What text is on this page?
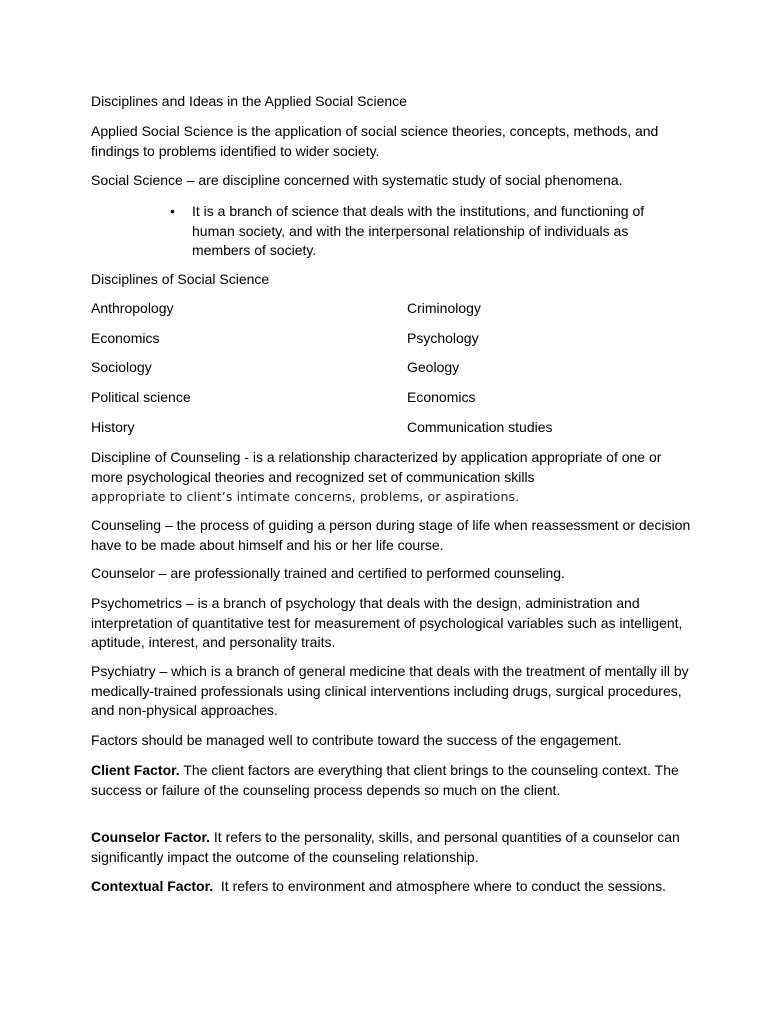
Disciplines and Ideas in the Applied Social Science

Applied Social Science is the application of social science theories, concepts, methods, and findings to problems identified to wider society.

Social Science – are discipline concerned with systematic study of social phenomena.

• It is a branch of science that deals with the institutions, and functioning of human society, and with the interpersonal relationship of individuals as members of society.

Disciplines of Social Science

Anthropology	Criminology
Economics	Psychology
Sociology	Geology
Political science	Economics
History	Communication studies
Discipline of Counseling - is a relationship characterized by application appropriate of one or more psychological theories and recognized set of communication skills
appropriate to client’s intimate concerns, problems, or aspirations.

Counseling – the process of guiding a person during stage of life when reassessment or decision have to be made about himself and his or her life course.

Counselor – are professionally trained and certified to performed counseling.

Psychometrics – is a branch of psychology that deals with the design, administration and interpretation of quantitative test for measurement of psychological variables such as intelligent, aptitude, interest, and personality traits.

Psychiatry – which is a branch of general medicine that deals with the treatment of mentally ill by medically-trained professionals using clinical interventions including drugs, surgical procedures, and non-physical approaches.

Factors should be managed well to contribute toward the success of the engagement.

Client Factor. The client factors are everything that client brings to the counseling context. The success or failure of the counseling process depends so much on the client.

Counselor Factor. It refers to the personality, skills, and personal quantities of a counselor can significantly impact the outcome of the counseling relationship.

Contextual Factor.  It refers to environment and atmosphere where to conduct the sessions.
